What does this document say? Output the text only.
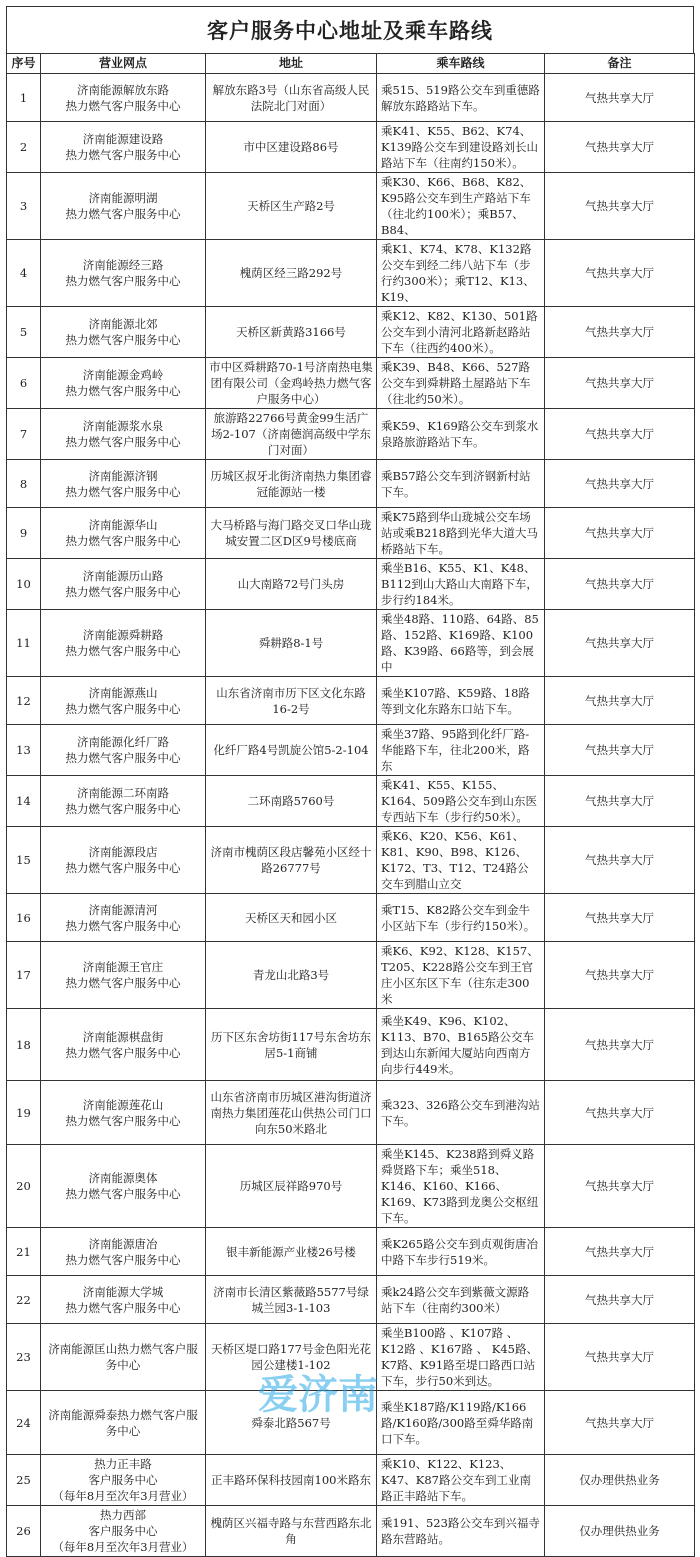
客户服务中心地址及乘车路线
序号	营业网点	地址	乘车路线	备注
1	济南能源解放东路
热力燃气客户服务中心	解放东路3号（山东省高级人民法院北门对面）	乘515、519路公交车到重德路解放东路路站下车。	气热共享大厅
2	济南能源建设路
热力燃气客户服务中心	市中区建设路86号	乘K41、K55、B62、K74、K139路公交车到建设路刘长山路站下车（往南约150米）。	气热共享大厅
3	济南能源明湖
热力燃气客户服务中心	天桥区生产路2号	乘K30、K66、B68、K82、K95路公交车到生产路站下车（往北约100米）；乘B57、B84、	气热共享大厅
4	济南能源经三路
热力燃气客户服务中心	槐荫区经三路292号	乘K1、K74、K78、K132路公交车到经二纬八站下车（步行约300米）；乘T12、K13、K19、	气热共享大厅
5	济南能源北郊
热力燃气客户服务中心	天桥区新黄路3166号	乘K12、K82、K130、501路公交车到小清河北路新赵路站下车（往西约400米）。	气热共享大厅
6	济南能源金鸡岭
热力燃气客户服务中心	市中区舜耕路70-1号济南热电集团有限公司（金鸡岭热力燃气客户服务中心）	乘K39、B48、K66、527路公交车到舜耕路土屋路站下车（往北约50米）。	气热共享大厅
7	济南能源浆水泉
热力燃气客户服务中心	旅游路22766号黄金99生活广场2-107（济南德润高级中学东门对面）	乘K59、K169路公交车到浆水泉路旅游路站下车。	气热共享大厅
8	济南能源济钢
热力燃气客户服务中心	历城区叔牙北街济南热力集团睿冠能源站一楼	乘B57路公交车到济钢新村站下车。	气热共享大厅
9	济南能源华山
热力燃气客户服务中心	大马桥路与海门路交叉口华山珑城安置二区D区9号楼底商	乘K75路到华山珑城公交车场站或乘B218路到光华大道大马桥路站下车。	气热共享大厅
10	济南能源历山路
热力燃气客户服务中心	山大南路72号门头房	乘坐B16、K55、K1、K48、B112到山大路山大南路下车，步行约184米。	气热共享大厅
11	济南能源舜耕路
热力燃气客户服务中心	舜耕路8-1号	乘坐48路、110路、64路、85路、152路、K169路、K100路、K39路、66路等，到会展中	气热共享大厅
12	济南能源燕山
热力燃气客户服务中心	山东省济南市历下区文化东路16-2号	乘坐K107路、K59路、18路等到文化东路东口站下车。	气热共享大厅
13	济南能源化纤厂路
热力燃气客户服务中心	化纤厂路4号凯旋公馆5-2-104	乘坐37路、95路到化纤厂路-华能路下车，往北200米，路东	气热共享大厅
14	济南能源二环南路
热力燃气客户服务中心	二环南路5760号	乘K41、K55、K155、K164、509路公交车到山东医专西站下车（步行约50米）。	气热共享大厅
15	济南能源段店
热力燃气客户服务中心	济南市槐荫区段店馨苑小区经十路26777号	乘K6、K20、K56、K61、K81、K90、B98、K126、K172、T3、T12、T24路公交车到腊山立交	气热共享大厅
16	济南能源清河
热力燃气客户服务中心	天桥区天和园小区	乘T15、K82路公交车到金牛小区站下车（步行约150米）。	气热共享大厅
17	济南能源王官庄
热力燃气客户服务中心	青龙山北路3号	乘K6、K92、K128、K157、T205、K228路公交车到王官庄小区东区下车（往东走300米	气热共享大厅
18	济南能源棋盘街
热力燃气客户服务中心	历下区东舍坊街117号东舍坊东居5-1商铺	乘坐K49、K96、K102、K113、B70、B165路公交车到达山东新闻大厦站向西南方向步行449米。	气热共享大厅
19	济南能源莲花山
热力燃气客户服务中心	山东省济南市历城区港沟街道济南热力集团莲花山供热公司门口向东50米路北	乘323、326路公交车到港沟站下车。	气热共享大厅
20	济南能源奥体
热力燃气客户服务中心	历城区辰祥路970号	乘坐K145、K238路到舜义路舜贤路下车；乘坐518、K146、K160、K166、K169、K73路到龙奥公交枢纽下车。	气热共享大厅
21	济南能源唐冶
热力燃气客户服务中心	银丰新能源产业楼26号楼	乘K265路公交车到贞观街唐冶中路下车步行519米。	气热共享大厅
22	济南能源大学城
热力燃气客户服务中心	济南市长清区紫薇路5577号绿城兰园3-1-103	乘k24路公交车到紫薇文源路站下车（往南约300米）	气热共享大厅
23	济南能源匡山热力燃气客户服务中心	天桥区堤口路177号金色阳光花园公建楼1-102	乘坐B100路 、K107路 、 K12路 、K167路 、 K45路、 K7路、K91路至堤口路西口站下车，步行50米到达。	气热共享大厅
24	济南能源舜泰热力燃气客户服务中心	舜泰北路567号	乘坐K187路/K119路/K166路/K160路/300路至舜华路南口下车。	气热共享大厅
25	热力正丰路
客户服务中心
（每年8月至次年3月营业）	正丰路环保科技园南100米路东	乘K10、K122、K123、K47、K87路公交车到工业南路正丰路站下车。	仅办理供热业务
26	热力西部
客户服务中心
（每年8月至次年3月营业）	槐荫区兴福寺路与东营西路东北角	乘191、523路公交车到兴福寺路东营路站。	仅办理供热业务
爱济南
